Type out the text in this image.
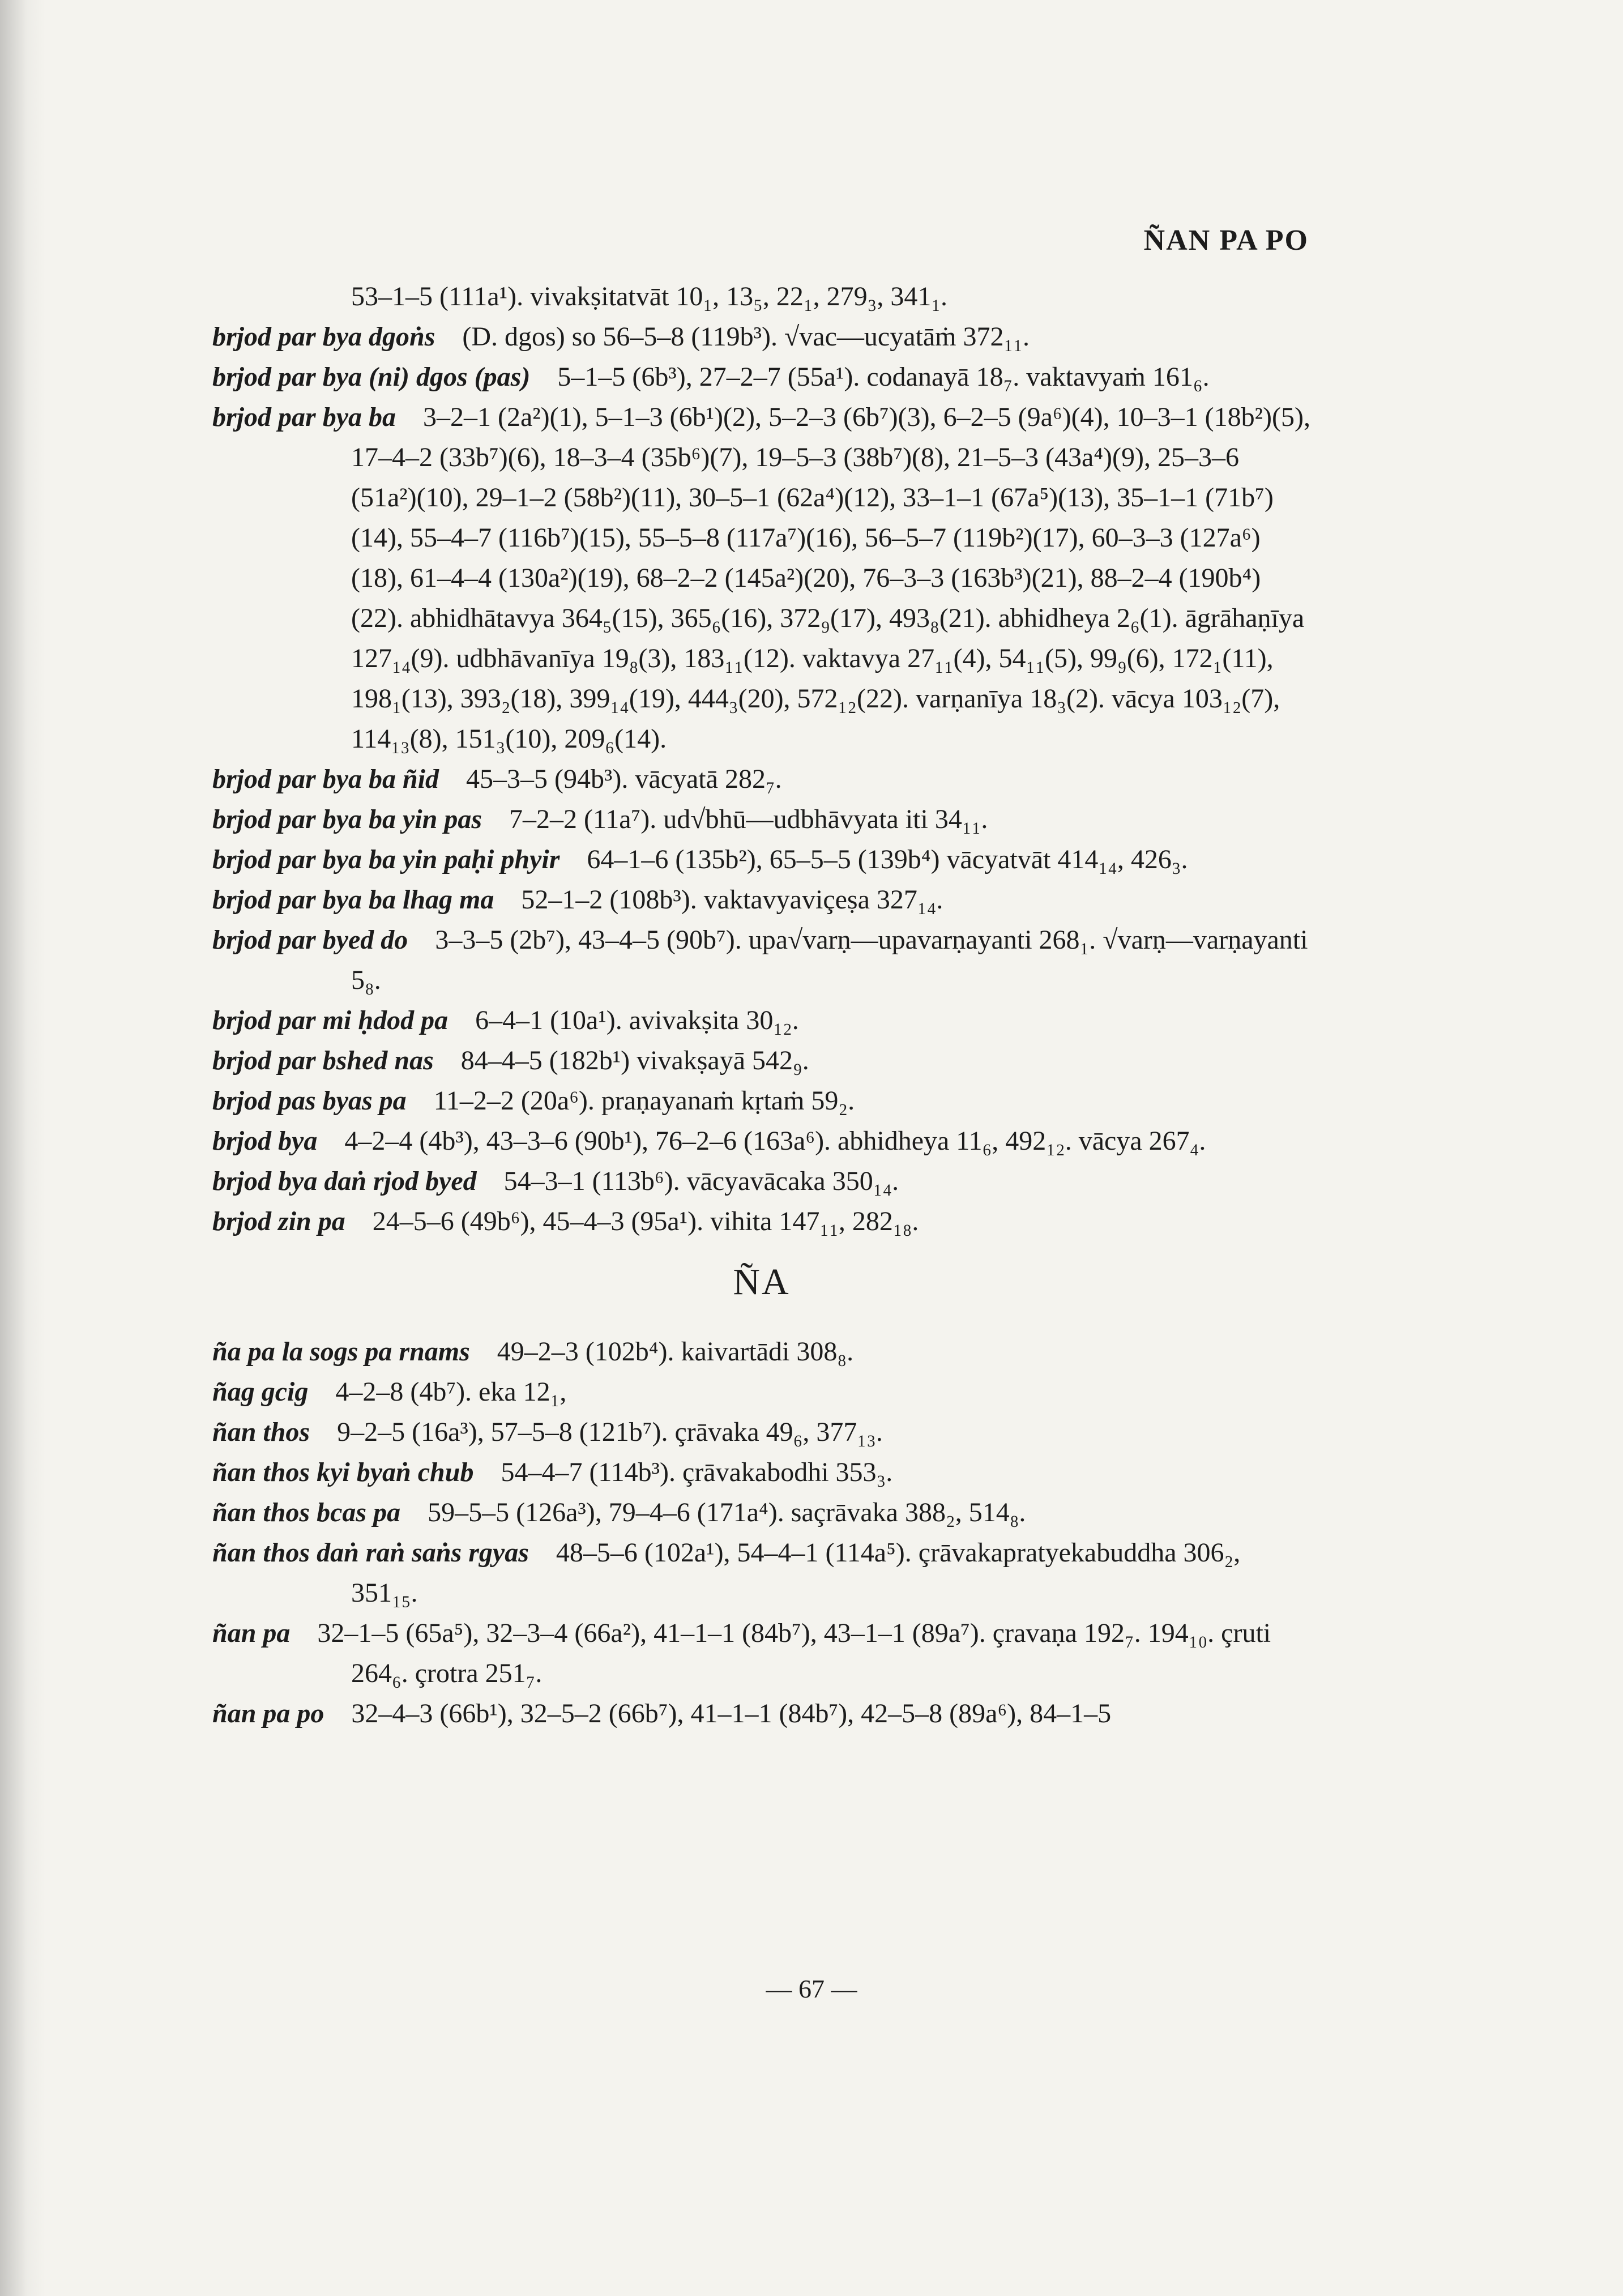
ÑAN PA PO

53–1–5 (111a¹). vivakṣitatvāt 10₁, 13₅, 22₁, 279₃, 341₁.

brjod par bya dgoṅs  (D. dgos) so 56–5–8 (119b³). √vac—ucyatāṁ 372₁₁.

brjod par bya (ni) dgos (pas)  5–1–5 (6b³), 27–2–7 (55a¹). codanayā 18₇. vaktavyaṁ 161₆.

brjod par bya ba  3–2–1 (2a²)(1), 5–1–3 (6b¹)(2), 5–2–3 (6b⁷)(3), 6–2–5 (9a⁶)(4), 10–3–1 (18b²)(5), 17–4–2 (33b⁷)(6), 18–3–4 (35b⁶)(7), 19–5–3 (38b⁷)(8), 21–5–3 (43a⁴)(9), 25–3–6 (51a²)(10), 29–1–2 (58b²)(11), 30–5–1 (62a⁴)(12), 33–1–1 (67a⁵)(13), 35–1–1 (71b⁷)(14), 55–4–7 (116b⁷)(15), 55–5–8 (117a⁷)(16), 56–5–7 (119b²)(17), 60–3–3 (127a⁶)(18), 61–4–4 (130a²)(19), 68–2–2 (145a²)(20), 76–3–3 (163b³)(21), 88–2–4 (190b⁴)(22). abhidhātavya 364₅(15), 365₆(16), 372₉(17), 493₈(21). abhidheya 2₆(1). āgrāhaṇīya 127₁₄(9). udbhāvanīya 19₈(3), 183₁₁(12). vaktavya 27₁₁(4), 54₁₁(5), 99₉(6), 172₁(11), 198₁(13), 393₂(18), 399₁₄(19), 444₃(20), 572₁₂(22). varṇanīya 18₃(2). vācya 103₁₂(7), 114₁₃(8), 151₃(10), 209₆(14).

brjod par bya ba ñid  45–3–5 (94b³). vācyatā 282₇.

brjod par bya ba yin pas  7–2–2 (11a⁷). ud√bhū—udbhāvyata iti 34₁₁.

brjod par bya ba yin paḥi phyir  64–1–6 (135b²), 65–5–5 (139b⁴) vācyatvāt 414₁₄, 426₃.

brjod par bya ba lhag ma  52–1–2 (108b³). vaktavyaviçeṣa 327₁₄.

brjod par byed do  3–3–5 (2b⁷), 43–4–5 (90b⁷). upa√varṇ—upavarṇayanti 268₁. √varṇ—varṇayanti 5₈.

brjod par mi ḥdod pa  6–4–1 (10a¹). avivakṣita 30₁₂.

brjod par bshed nas  84–4–5 (182b¹) vivakṣayā 542₉.

brjod pas byas pa  11–2–2 (20a⁶). praṇayanaṁ kṛtaṁ 59₂.

brjod bya  4–2–4 (4b³), 43–3–6 (90b¹), 76–2–6 (163a⁶). abhidheya 11₆, 492₁₂. vācya 267₄.

brjod bya daṅ rjod byed  54–3–1 (113b⁶). vācyavācaka 350₁₄.

brjod zin pa  24–5–6 (49b⁶), 45–4–3 (95a¹). vihita 147₁₁, 282₁₈.

ÑA

ña pa la sogs pa rnams  49–2–3 (102b⁴). kaivartādi 308₈.

ñag gcig  4–2–8 (4b⁷). eka 12₁,

ñan thos  9–2–5 (16a³), 57–5–8 (121b⁷). çrāvaka 49₆, 377₁₃.

ñan thos kyi byaṅ chub  54–4–7 (114b³). çrāvakabodhi 353₃.

ñan thos bcas pa  59–5–5 (126a³), 79–4–6 (171a⁴). saçrāvaka 388₂, 514₈.

ñan thos daṅ raṅ saṅs rgyas  48–5–6 (102a¹), 54–4–1 (114a⁵). çrāvakapratyekabuddha 306₂, 351₁₅.

ñan pa  32–1–5 (65a⁵), 32–3–4 (66a²), 41–1–1 (84b⁷), 43–1–1 (89a⁷). çravaṇa 192₇. 194₁₀. çruti 264₆. çrotra 251₇.

ñan pa po  32–4–3 (66b¹), 32–5–2 (66b⁷), 41–1–1 (84b⁷), 42–5–8 (89a⁶), 84–1–5

— 67 —
